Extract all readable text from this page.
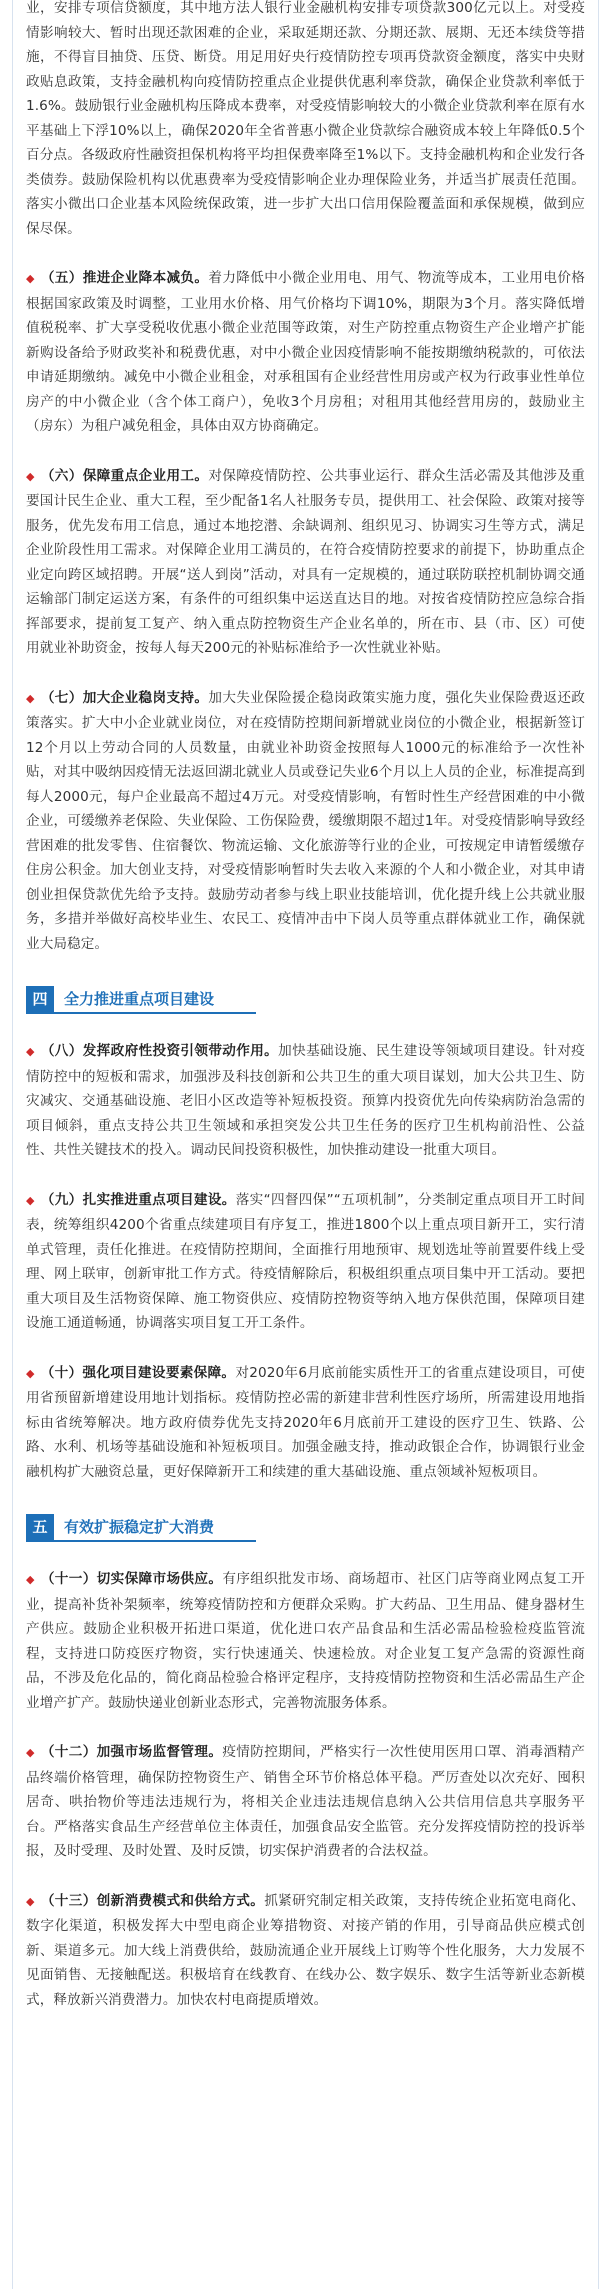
业，安排专项信贷额度，其中地方法人银行业金融机构安排专项贷款300亿元以上。对受疫情影响较大、暂时出现还款困难的企业，采取延期还款、分期还款、展期、无还本续贷等措施，不得盲目抽贷、压贷、断贷。用足用好央行疫情防控专项再贷款资金额度，落实中央财政贴息政策，支持金融机构向疫情防控重点企业提供优惠利率贷款，确保企业贷款利率低于1.6%。鼓励银行业金融机构压降成本费率，对受疫情影响较大的小微企业贷款利率在原有水平基础上下浮10%以上，确保2020年全省普惠小微企业贷款综合融资成本较上年降低0.5个百分点。各级政府性融资担保机构将平均担保费率降至1%以下。支持金融机构和企业发行各类债券。鼓励保险机构以优惠费率为受疫情影响企业办理保险业务，并适当扩展责任范围。落实小微出口企业基本风险统保政策，进一步扩大出口信用保险覆盖面和承保规模，做到应保尽保。

◆ （五）推进企业降本减负。着力降低中小微企业用电、用气、物流等成本，工业用电价格根据国家政策及时调整，工业用水价格、用气价格均下调10%，期限为3个月。落实降低增值税税率、扩大享受税收优惠小微企业范围等政策，对生产防控重点物资生产企业增产扩能新购设备给予财政奖补和税费优惠，对中小微企业因疫情影响不能按期缴纳税款的，可依法申请延期缴纳。减免中小微企业租金，对承租国有企业经营性用房或产权为行政事业性单位房产的中小微企业（含个体工商户），免收3个月房租；对租用其他经营用房的，鼓励业主（房东）为租户减免租金，具体由双方协商确定。

◆ （六）保障重点企业用工。对保障疫情防控、公共事业运行、群众生活必需及其他涉及重要国计民生企业、重大工程，至少配备1名人社服务专员，提供用工、社会保险、政策对接等服务，优先发布用工信息，通过本地挖潜、余缺调剂、组织见习、协调实习生等方式，满足企业阶段性用工需求。对保障企业用工满员的，在符合疫情防控要求的前提下，协助重点企业定向跨区域招聘。开展“送人到岗”活动，对具有一定规模的，通过联防联控机制协调交通运输部门制定运送方案，有条件的可组织集中运送直达目的地。对按省疫情防控应急综合指挥部要求，提前复工复产、纳入重点防控物资生产企业名单的，所在市、县（市、区）可使用就业补助资金，按每人每天200元的补贴标准给予一次性就业补贴。

◆ （七）加大企业稳岗支持。加大失业保险援企稳岗政策实施力度，强化失业保险费返还政策落实。扩大中小企业就业岗位，对在疫情防控期间新增就业岗位的小微企业，根据新签订12个月以上劳动合同的人员数量，由就业补助资金按照每人1000元的标准给予一次性补贴，对其中吸纳因疫情无法返回湖北就业人员或登记失业6个月以上人员的企业，标准提高到每人2000元，每户企业最高不超过4万元。对受疫情影响，有暂时性生产经营困难的中小微企业，可缓缴养老保险、失业保险、工伤保险费，缓缴期限不超过1年。对受疫情影响导致经营困难的批发零售、住宿餐饮、物流运输、文化旅游等行业的企业，可按规定申请暂缓缴存住房公积金。加大创业支持，对受疫情影响暂时失去收入来源的个人和小微企业，对其申请创业担保贷款优先给予支持。鼓励劳动者参与线上职业技能培训，优化提升线上公共就业服务，多措并举做好高校毕业生、农民工、疫情冲击中下岗人员等重点群体就业工作，确保就业大局稳定。

四 全力推进重点项目建设

◆ （八）发挥政府性投资引领带动作用。加快基础设施、民生建设等领域项目建设。针对疫情防控中的短板和需求，加强涉及科技创新和公共卫生的重大项目谋划，加大公共卫生、防灾减灾、交通基础设施、老旧小区改造等补短板投资。预算内投资优先向传染病防治急需的项目倾斜，重点支持公共卫生领域和承担突发公共卫生任务的医疗卫生机构前沿性、公益性、共性关键技术的投入。调动民间投资积极性，加快推动建设一批重大项目。

◆ （九）扎实推进重点项目建设。落实“四督四保”“五项机制”，分类制定重点项目开工时间表，统筹组织4200个省重点续建项目有序复工，推进1800个以上重点项目新开工，实行清单式管理，责任化推进。在疫情防控期间，全面推行用地预审、规划选址等前置要件线上受理、网上联审，创新审批工作方式。待疫情解除后，积极组织重点项目集中开工活动。要把重大项目及生活物资保障、施工物资供应、疫情防控物资等纳入地方保供范围，保障项目建设施工通道畅通，协调落实项目复工开工条件。

◆ （十）强化项目建设要素保障。对2020年6月底前能实质性开工的省重点建设项目，可使用省预留新增建设用地计划指标。疫情防控必需的新建非营利性医疗场所，所需建设用地指标由省统筹解决。地方政府债券优先支持2020年6月底前开工建设的医疗卫生、铁路、公路、水利、机场等基础设施和补短板项目。加强金融支持，推动政银企合作，协调银行业金融机构扩大融资总量，更好保障新开工和续建的重大基础设施、重点领域补短板项目。

五 有效扩振稳定扩大消费

◆ （十一）切实保障市场供应。有序组织批发市场、商场超市、社区门店等商业网点复工开业，提高补货补架频率，统筹疫情防控和方便群众采购。扩大药品、卫生用品、健身器材生产供应。鼓励企业积极开拓进口渠道，优化进口农产品食品和生活必需品检验检疫监管流程，支持进口防疫医疗物资，实行快速通关、快速检放。对企业复工复产急需的资源性商品，不涉及危化品的，简化商品检验合格评定程序，支持疫情防控物资和生活必需品生产企业增产扩产。鼓励快递业创新业态形式，完善物流服务体系。

◆ （十二）加强市场监督管理。疫情防控期间，严格实行一次性使用医用口罩、消毒酒精产品终端价格管理，确保防控物资生产、销售全环节价格总体平稳。严厉查处以次充好、囤积居奇、哄抬物价等违法违规行为，将相关企业违法违规信息纳入公共信用信息共享服务平台。严格落实食品生产经营单位主体责任，加强食品安全监管。充分发挥疫情防控的投诉举报，及时受理、及时处置、及时反馈，切实保护消费者的合法权益。

◆ （十三）创新消费模式和供给方式。抓紧研究制定相关政策，支持传统企业拓宽电商化、数字化渠道，积极发挥大中型电商企业筹措物资、对接产销的作用，引导商品供应模式创新、渠道多元。加大线上消费供给，鼓励流通企业开展线上订购等个性化服务，大力发展不见面销售、无接触配送。积极培育在线教育、在线办公、数字娱乐、数字生活等新业态新模式，释放新兴消费潜力。加快农村电商提质增效。
